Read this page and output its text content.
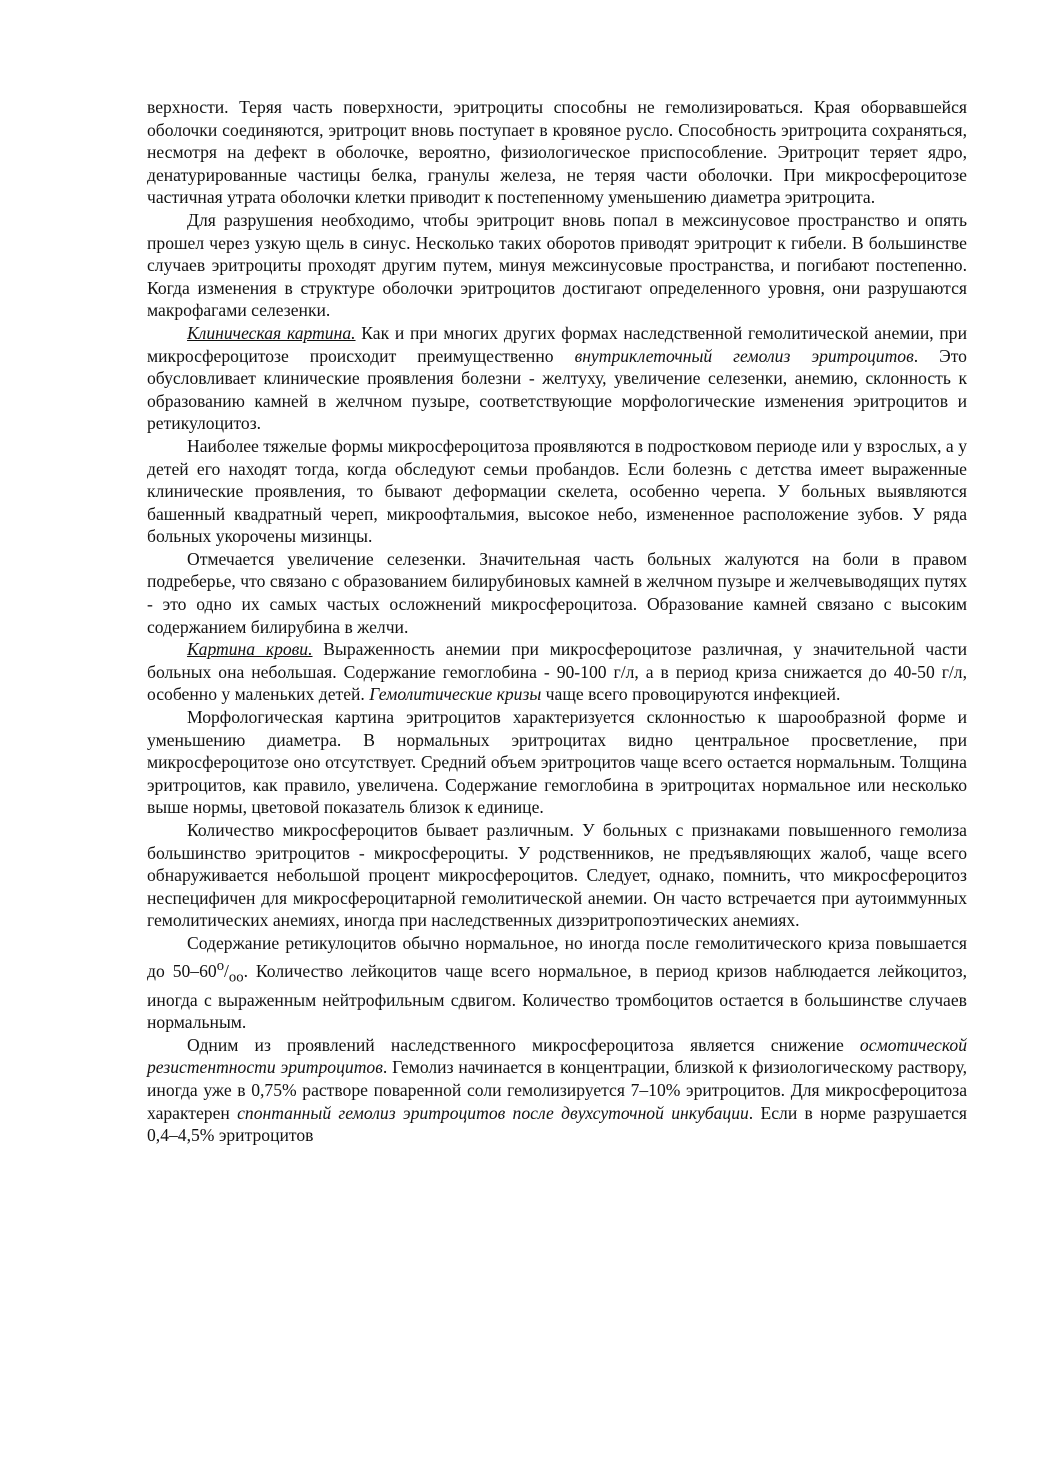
верхности. Теряя часть поверхности, эритроциты способны не гемолизироваться. Края оборвавшейся оболочки соединяются, эритроцит вновь поступает в кровяное русло. Способность эритроцита сохраняться, несмотря на дефект в оболочке, вероятно, физиологическое приспособление. Эритроцит теряет ядро, денатурированные частицы белка, гранулы железа, не теряя части оболочки. При микросфероцитозе частичная утрата оболочки клетки приводит к постепенному уменьшению диаметра эритроцита.

Для разрушения необходимо, чтобы эритроцит вновь попал в межсинусовое пространство и опять прошел через узкую щель в синус. Несколько таких оборотов приводят эритроцит к гибели. В большинстве случаев эритроциты проходят другим путем, минуя межсинусовые пространства, и погибают постепенно. Когда изменения в структуре оболочки эритроцитов достигают определенного уровня, они разрушаются макрофагами селезенки.

Клиническая картина. Как и при многих других формах наследственной гемолитической анемии, при микросфероцитозе происходит преимущественно внутриклеточный гемолиз эритроцитов. Это обусловливает клинические проявления болезни - желтуху, увеличение селезенки, анемию, склонность к образованию камней в желчном пузыре, соответствующие морфологические изменения эритроцитов и ретикулоцитоз.

Наиболее тяжелые формы микросфероцитоза проявляются в подростковом периоде или у взрослых, а у детей его находят тогда, когда обследуют семьи пробандов. Если болезнь с детства имеет выраженные клинические проявления, то бывают деформации скелета, особенно черепа. У больных выявляются башенный квадратный череп, микроофтальмия, высокое небо, измененное расположение зубов. У ряда больных укорочены мизинцы.

Отмечается увеличение селезенки. Значительная часть больных жалуются на боли в правом подреберье, что связано с образованием билирубиновых камней в желчном пузыре и желчевыводящих путях - это одно их самых частых осложнений микросфероцитоза. Образование камней связано с высоким содержанием билирубина в желчи.

Картина крови. Выраженность анемии при микросфероцитозе различная, у значительной части больных она небольшая. Содержание гемоглобина - 90-100 г/л, а в период криза снижается до 40-50 г/л, особенно у маленьких детей. Гемолитические кризы чаще всего провоцируются инфекцией.

Морфологическая картина эритроцитов характеризуется склонностью к шарообразной форме и уменьшению диаметра. В нормальных эритроцитах видно центральное просветление, при микросфероцитозе оно отсутствует. Средний объем эритроцитов чаще всего остается нормальным. Толщина эритроцитов, как правило, увеличена. Содержание гемоглобина в эритроцитах нормальное или несколько выше нормы, цветовой показатель близок к единице.

Количество микросфероцитов бывает различным. У больных с признаками повышенного гемолиза большинство эритроцитов - микросфероциты. У родственников, не предъявляющих жалоб, чаще всего обнаруживается небольшой процент микросфероцитов. Следует, однако, помнить, что микросфероцитоз неспецифичен для микросфероцитарной гемолитической анемии. Он часто встречается при аутоиммунных гемолитических анемиях, иногда при наследственных дизэритропоэтических анемиях.

Содержание ретикулоцитов обычно нормальное, но иногда после гемолитического криза повышается до $50-60^о/_{оо}$. Количество лейкоцитов чаще всего нормальное, в период кризов наблюдается лейкоцитоз, иногда с выраженным нейтрофильным сдвигом. Количество тромбоцитов остается в большинстве случаев нормальным.

Одним из проявлений наследственного микросфероцитоза является снижение осмотической резистентности эритроцитов. Гемолиз начинается в концентрации, близкой к физиологическому раствору, иногда уже в 0,75% растворе поваренной соли гемолизируется 7–10% эритроцитов. Для микросфероцитоза характерен спонтанный гемолиз эритроцитов после двухсуточной инкубации. Если в норме разрушается 0,4–4,5% эритроцитов
